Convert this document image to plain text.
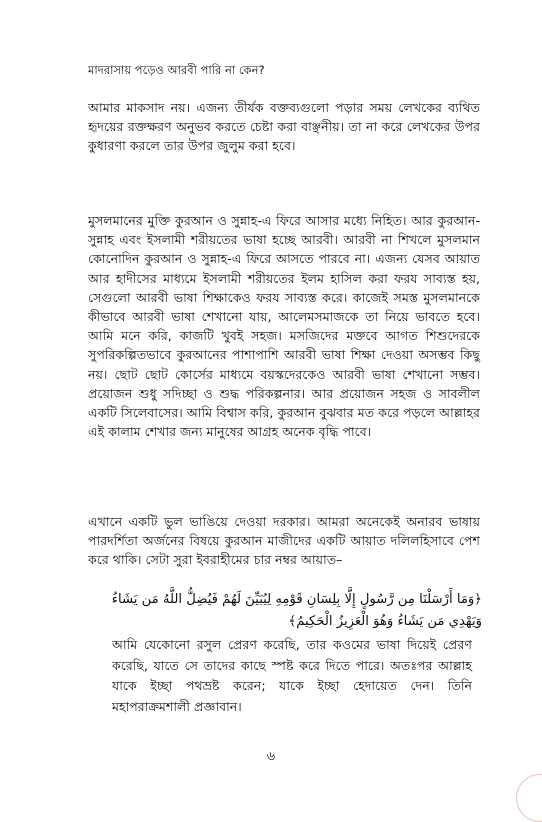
মাদরাসায় পড়েও আরবী পারি না কেন?

আমার মাকসাদ নয়। এজন্য তীর্যক বক্তব্যগুলো পড়ার সময় লেখকের ব্যথিত হৃদয়ের রক্তক্ষরণ অনুভব করতে চেষ্টা করা বাঞ্ছনীয়। তা না করে লেখকের উপর কুধারণা করলে তার উপর জুলুম করা হবে।

মুসলমানের মুক্তি কুরআন ও সুন্নাহ-এ ফিরে আসার মধ্যে নিহিত। আর কুরআন-সুন্নাহ এবং ইসলামী শরীয়তের ভাষা হচ্ছে আরবী। আরবী না শিখলে মুসলমান কোনোদিন কুরআন ও সুন্নাহ-এ ফিরে আসতে পারবে না। এজন্য যেসব আয়াত আর হাদীসের মাধ্যমে ইসলামী শরীয়তের ইলম হাসিল করা ফরয সাব্যস্ত হয়, সেগুলো আরবী ভাষা শিক্ষাকেও ফরয সাব্যস্ত করে। কাজেই সমস্ত মুসলমানকে কীভাবে আরবী ভাষা শেখানো যায়, আলেমসমাজকে তা নিয়ে ভাবতে হবে। আমি মনে করি, কাজটি খুবই সহজ। মসজিদের মক্তবে আগত শিশুদেরকে সুপরিকল্পিতভাবে কুরআনের পাশাপাশি আরবী ভাষা শিক্ষা দেওয়া অসম্ভব কিছু নয়। ছোট ছোট কোর্সের মাধ্যমে বয়স্কদেরকেও আরবী ভাষা শেখানো সম্ভব। প্রয়োজন শুধু সদিচ্ছা ও শুদ্ধ পরিকল্পনার। আর প্রয়োজন সহজ ও সাবলীল একটি সিলেবাসের। আমি বিশ্বাস করি, কুরআন বুঝবার মত করে পড়লে আল্লাহর এই কালাম শেখার জন্য মানুষের আগ্রহ অনেক বৃদ্ধি পাবে।

এখানে একটি ভুল ভাঙিয়ে দেওয়া দরকার। আমরা অনেকেই অনারব ভাষায় পারদর্শিতা অর্জনের বিষয়ে কুরআন মাজীদের একটি আয়াত দলিলহিসাবে পেশ করে থাকি। সেটা সুরা ইবরাহীমের চার নম্বর আয়াত–

﴿وَمَا أَرْسَلْنَا مِن رَّسُولٍ إِلَّا بِلِسَانِ قَوْمِهِ لِيُبَيِّنَ لَهُمْ فَيُضِلُّ اللَّهُ مَن يَشَاءُ وَيَهْدِي مَن يَشَاءُ وَهُوَ الْعَزِيزُ الْحَكِيمُ﴾

আমি যেকোনো রসুল প্রেরণ করেছি, তার কওমের ভাষা দিয়েই প্রেরণ করেছি, যাতে সে তাদের কাছে স্পষ্ট করে দিতে পারে। অতঃপর আল্লাহ যাকে ইচ্ছা পথভ্রষ্ট করেন; যাকে ইচ্ছা হেদায়েত দেন। তিনি মহাপরাক্রমশালী প্রজ্ঞাবান।

৬
